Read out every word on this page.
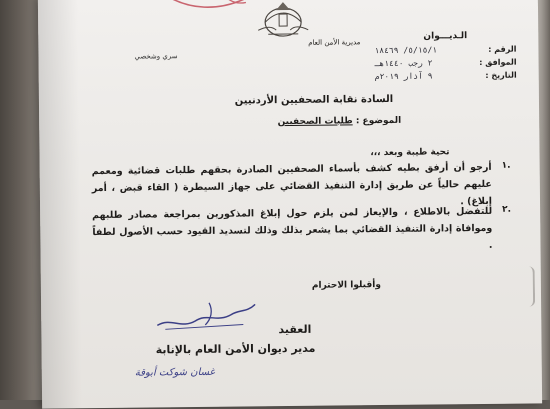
مديرية الأمن العام
الـديـــوان
الرقم :
٥/١٥/١/ ١٨٤٦٩
الموافق :
٢ رجب ١٤٤٠هـ
التاريخ :
٩ آذار ٢٠١٩م
سري وشخصي
السادة نقابة الصحفيين الأردنيين
الموضوع : طلبات الصحفيين
تحية طيبة وبعد ،،،
١.
أرجو أن أرفق بطيه كشف بأسماء الصحفيين الصادرة بحقهم طلبات قضائية ومعمم عليهم حالياً عن طريق إدارة التنفيذ القضائي على جهاز السيطرة ( القاء قبض ، أمر إبلاغ) .
٢.
للتفضل بالاطلاع ، والإيعاز لمن يلزم حول إبلاغ المذكورين بمراجعة مصادر طلبهم وموافاة إدارة التنفيذ القضائي بما يشعر بذلك وذلك لتسديد القيود حسب الأصول لطفاً .
وأقبلوا الاحترام
العقيد
مدير ديوان الأمن العام بالإنابة
غسان شوكت أبوقة
